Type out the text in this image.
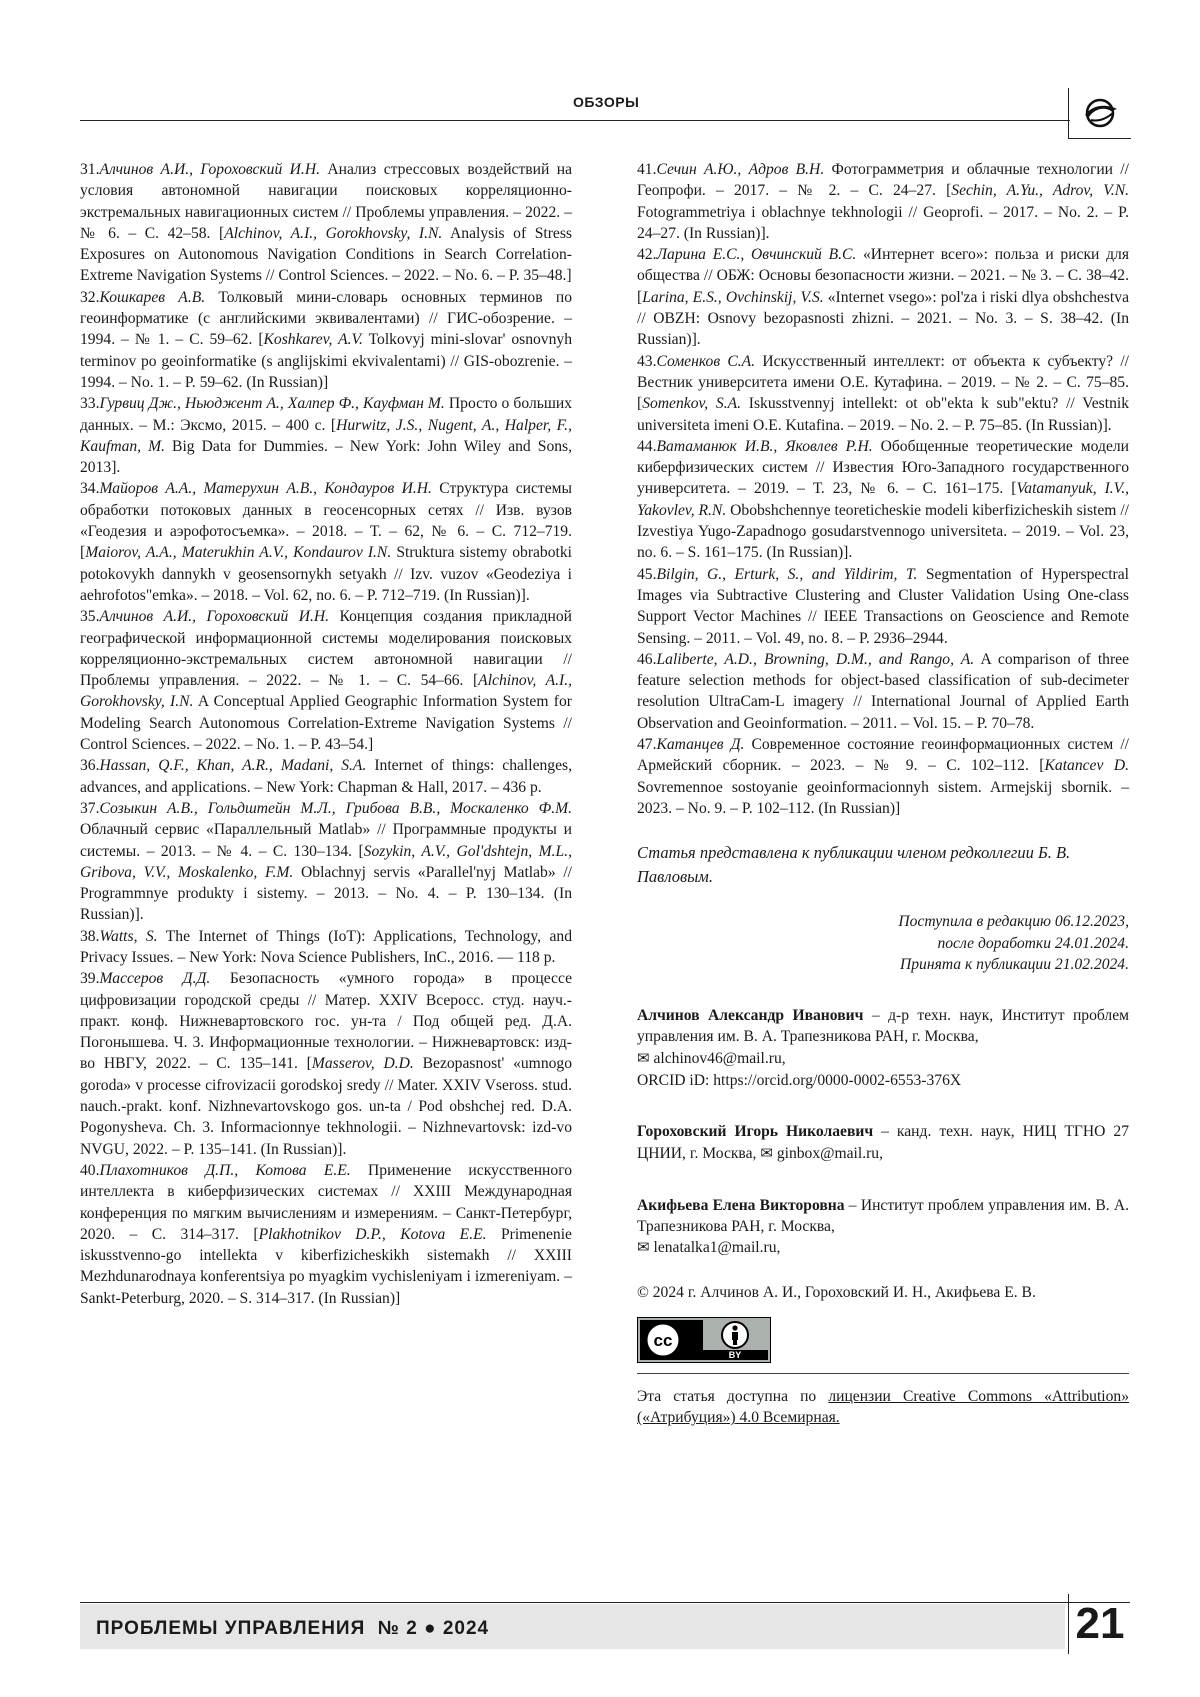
ОБЗОРЫ
31.Алчинов А.И., Гороховский И.Н. Анализ стрессовых воздействий на условия автономной навигации поисковых корреляционно-экстремальных навигационных систем // Проблемы управления. – 2022. – № 6. – С. 42–58. [Alchinov, A.I., Gorokhovsky, I.N. Analysis of Stress Exposures on Autonomous Navigation Conditions in Search Correlation-Extreme Navigation Systems // Control Sciences. – 2022. – No. 6. – P. 35–48.]
32.Кошкарев А.В. Толковый мини-словарь основных терминов по геоинформатике (с английскими эквивалентами) // ГИС-обозрение. – 1994. – № 1. – С. 59–62. [Koshkarev, A.V. Tolkovyj mini-slovar' osnovnyh terminov po geoinformatike (s anglijskimi ekvivalentami) // GIS-obozrenie. – 1994. – No. 1. – P. 59–62. (In Russian)]
33.Гурвиц Дж., Ньюджент А., Халпер Ф., Кауфман М. Просто о больших данных. – М.: Эксмо, 2015. – 400 с. [Hurwitz, J.S., Nugent, A., Halper, F., Kaufman, M. Big Data for Dummies. – New York: John Wiley and Sons, 2013].
34.Майоров А.А., Матерухин А.В., Кондауров И.Н. Структура системы обработки потоковых данных в геосенсорных сетях // Изв. вузов «Геодезия и аэрофотосъемка». – 2018. – Т. – 62, № 6. – С. 712–719. [Maiorov, A.A., Materukhin A.V., Kondaurov I.N. Struktura sistemy obrabotki potokovykh dannykh v geosensornykh setyakh // Izv. vuzov «Geodeziya i aehrofotos"emka». – 2018. – Vol. 62, no. 6. – P. 712–719. (In Russian)].
35.Алчинов А.И., Гороховский И.Н. Концепция создания прикладной географической информационной системы моделирования поисковых корреляционно-экстремальных систем автономной навигации // Проблемы управления. – 2022. – № 1. – С. 54–66. [Alchinov, A.I., Gorokhovsky, I.N. A Conceptual Applied Geographic Information System for Modeling Search Autonomous Correlation-Extreme Navigation Systems // Control Sciences. – 2022. – No. 1. – P. 43–54.]
36.Hassan, Q.F., Khan, A.R., Madani, S.A. Internet of things: challenges, advances, and applications. – New York: Chapman & Hall, 2017. – 436 p.
37.Созыкин А.В., Гольдштейн М.Л., Грибова В.В., Москаленко Ф.М. Облачный сервис «Параллельный Matlab» // Программные продукты и системы. – 2013. – № 4. – С. 130–134. [Sozykin, A.V., Gol'dshtejn, M.L., Gribova, V.V., Moskalenko, F.M. Oblachnyj servis «Parallel'nyj Matlab» // Programmnye produkty i sistemy. – 2013. – No. 4. – P. 130–134. (In Russian)].
38.Watts, S. The Internet of Things (IoT): Applications, Technology, and Privacy Issues. – New York: Nova Science Publishers, InC., 2016. — 118 p.
39.Масcеров Д.Д. Безопасность «умного города» в процессе цифровизации городской среды // Матер. XXIV Всеросс. студ. науч.-практ. конф. Нижневартовского гос. ун-та / Под общей ред. Д.А. Погонышева. Ч. 3. Информационные технологии. – Нижневартовск: изд-во НВГУ, 2022. – С. 135–141. [Masserov, D.D. Bezopasnost' «umnogo goroda» v processe cifrovizacii gorodskoj sredy // Mater. XXIV Vseross. stud. nauch.-prakt. konf. Nizhnevartovskogo gos. un-ta / Pod obshchej red. D.A. Pogonysheva. Ch. 3. Informacionnye tekhnologii. – Nizhnevartovsk: izd-vo NVGU, 2022. – P. 135–141. (In Russian)].
40.Плахотников Д.П., Котова Е.Е. Применение искусственного интеллекта в киберфизических системах // XXIII Международная конференция по мягким вычислениям и измерениям. – Санкт-Петербург, 2020. – С. 314–317. [Plakhotnikov D.P., Kotova E.E. Primenenie iskusstvenno-go intellekta v kiberfizicheskikh sistemakh // XXIII Mezhdunarodnaya konferentsiya po myagkim vychisleniyam i izmereniyam. – Sankt-Peterburg, 2020. – S. 314–317. (In Russian)]
41.Сечин А.Ю., Адров В.Н. Фотограмметрия и облачные технологии // Геопрофи. – 2017. – № 2. – С. 24–27. [Sechin, A.Yu., Adrov, V.N. Fotogrammetriya i oblachnye tekhnologii // Geoprofi. – 2017. – No. 2. – P. 24–27. (In Russian)].
42.Ларина Е.С., Овчинский В.С. «Интернет всего»: польза и риски для общества // ОБЖ: Основы безопасности жизни. – 2021. – № 3. – С. 38–42. [Larina, E.S., Ovchinskij, V.S. «Internet vsego»: pol'za i riski dlya obshchestva // OBZH: Osnovy bezopasnosti zhizni. – 2021. – No. 3. – S. 38–42. (In Russian)].
43.Соменков С.А. Искусственный интеллект: от объекта к субъекту? // Вестник университета имени О.Е. Кутафина. – 2019. – № 2. – С. 75–85. [Somenkov, S.A. Iskusstvennyj intellekt: ot ob"ekta k sub"ektu? // Vestnik universiteta imeni O.E. Kutafina. – 2019. – No. 2. – P. 75–85. (In Russian)].
44.Ватаманюк И.В., Яковлев Р.Н. Обобщенные теоретические модели киберфизических систем // Известия Юго-Западного государственного университета. – 2019. – Т. 23, № 6. – С. 161–175. [Vatamanyuk, I.V., Yakovlev, R.N. Obobshchennye teoreticheskie modeli kiberfizicheskih sistem // Izvestiya Yugo-Zapadnogo gosudarstvennogo universiteta. – 2019. – Vol. 23, no. 6. – S. 161–175. (In Russian)].
45.Bilgin, G., Erturk, S., and Yildirim, T. Segmentation of Hyperspectral Images via Subtractive Clustering and Cluster Validation Using One-class Support Vector Machines // IEEE Transactions on Geoscience and Remote Sensing. – 2011. – Vol. 49, no. 8. – P. 2936–2944.
46.Laliberte, A.D., Browning, D.M., and Rango, A. A comparison of three feature selection methods for object-based classification of sub-decimeter resolution UltraCam-L imagery // International Journal of Applied Earth Observation and Geoinformation. – 2011. – Vol. 15. – P. 70–78.
47.Катанцев Д. Современное состояние геоинформационных систем // Армейский сборник. – 2023. – № 9. – С. 102–112. [Katancev D. Sovremennoe sostoyanie geoinformacionnyh sistem. Armejskij sbornik. – 2023. – No. 9. – P. 102–112. (In Russian)]
Статья представлена к публикации членом редколлегии Б. В. Павловым.
Поступила в редакцию 06.12.2023,
после доработки 24.01.2024.
Принята к публикации 21.02.2024.
Алчинов Александр Иванович – д-р техн. наук, Институт проблем управления им. В. А. Трапезникова РАН, г. Москва,
✉ alchinov46@mail.ru,
ORCID iD: https://orcid.org/0000-0002-6553-376X
Гороховский Игорь Николаевич – канд. техн. наук, НИЦ ТГНО 27 ЦНИИ, г. Москва, ✉ ginbox@mail.ru,
Акифьева Елена Викторовна – Институт проблем управления им. В. А. Трапезникова РАН, г. Москва,
✉ lenatalka1@mail.ru,
© 2024 г. Алчинов А. И., Гороховский И. Н., Акифьева Е. В.
cc
BY
Эта статья доступна по лицензии Creative Commons «Attribution» («Атрибуция») 4.0 Всемирная.
ПРОБЛЕМЫ УПРАВЛЕНИЯ  № 2 ● 2024	21
